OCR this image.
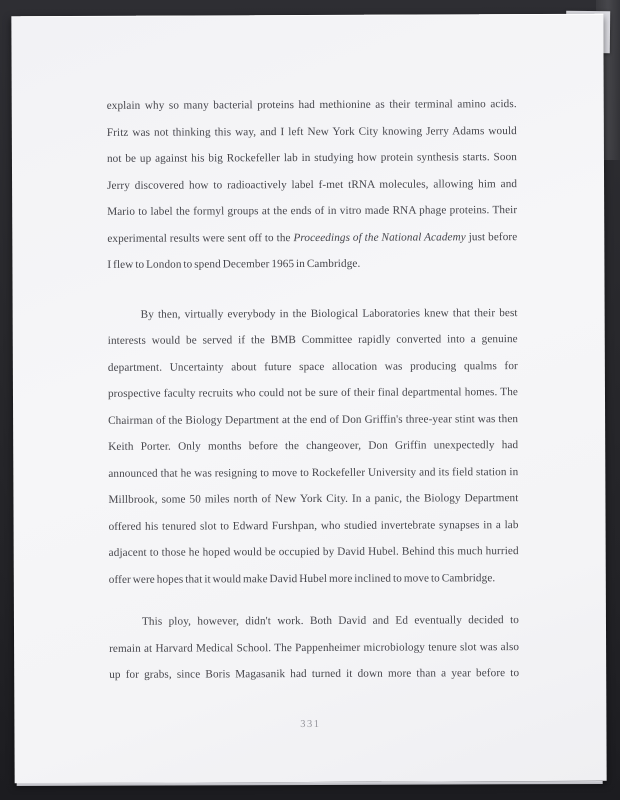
explain why so many bacterial proteins had methionine as their terminal amino acids.

Fritz was not thinking this way, and I left New York City knowing Jerry Adams would

not be up against his big Rockefeller lab in studying how protein synthesis starts. Soon

Jerry discovered how to radioactively label f-met tRNA molecules, allowing him and

Mario to label the formyl groups at the ends of in vitro made RNA phage proteins. Their

experimental results were sent off to the Proceedings of the National Academy just before

I flew to London to spend December 1965 in Cambridge.

By then, virtually everybody in the Biological Laboratories knew that their best

interests would be served if the BMB Committee rapidly converted into a genuine

department. Uncertainty about future space allocation was producing qualms for

prospective faculty recruits who could not be sure of their final departmental homes. The

Chairman of the Biology Department at the end of Don Griffin's three-year stint was then

Keith Porter. Only months before the changeover, Don Griffin unexpectedly had

announced that he was resigning to move to Rockefeller University and its field station in

Millbrook, some 50 miles north of New York City. In a panic, the Biology Department

offered his tenured slot to Edward Furshpan, who studied invertebrate synapses in a lab

adjacent to those he hoped would be occupied by David Hubel. Behind this much hurried

offer were hopes that it would make David Hubel more inclined to move to Cambridge.

This ploy, however, didn't work. Both David and Ed eventually decided to

remain at Harvard Medical School. The Pappenheimer microbiology tenure slot was also

up for grabs, since Boris Magasanik had turned it down more than a year before to

331
